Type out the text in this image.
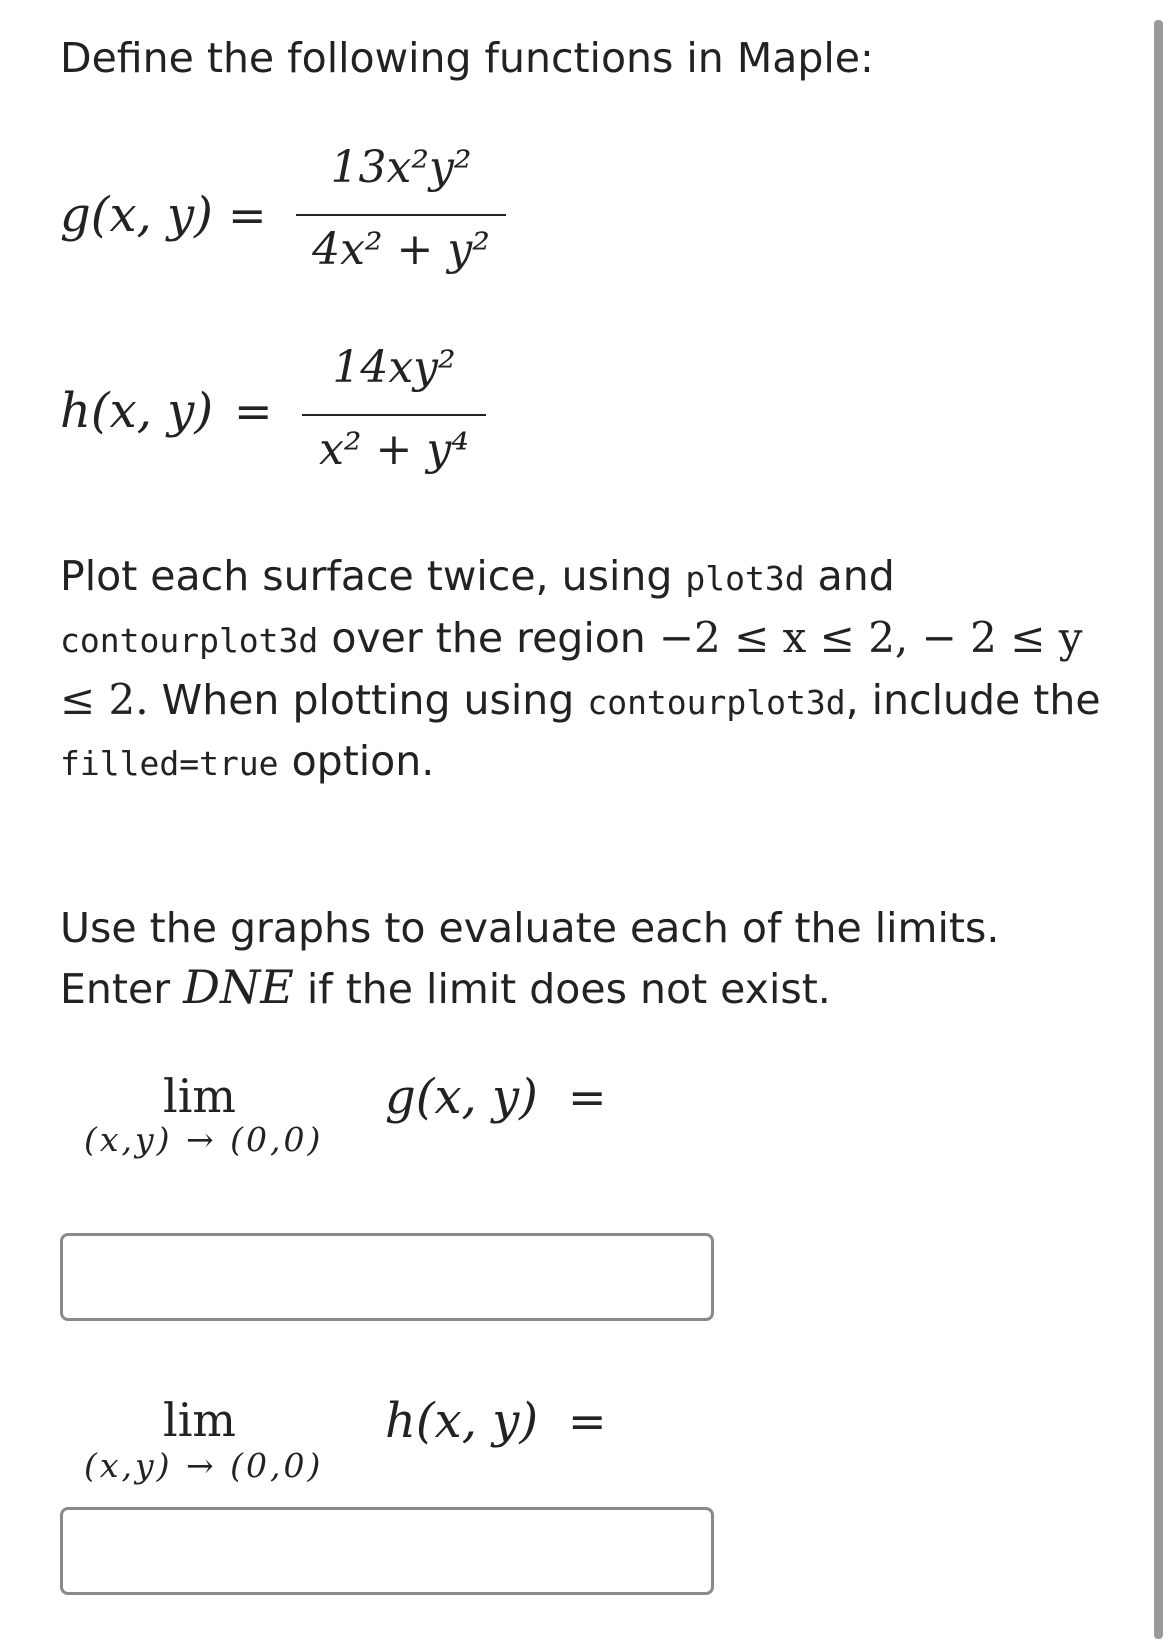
Define the following functions in Maple:
g(x, y) =
13x²y²
4x² + y²
h(x, y) =
14xy²
x² + y⁴

Plot each surface twice, using plot3d and contourplot3d over the region −2 ≤ x ≤ 2, − 2 ≤ y ≤ 2. When plotting using contourplot3d, include the filled=true option.

Use the graphs to evaluate each of the limits.
Enter DNE if the limit does not exist.

lim
(x,y) → (0,0)
g(x, y) =
lim
(x,y) → (0,0)
h(x, y) =
